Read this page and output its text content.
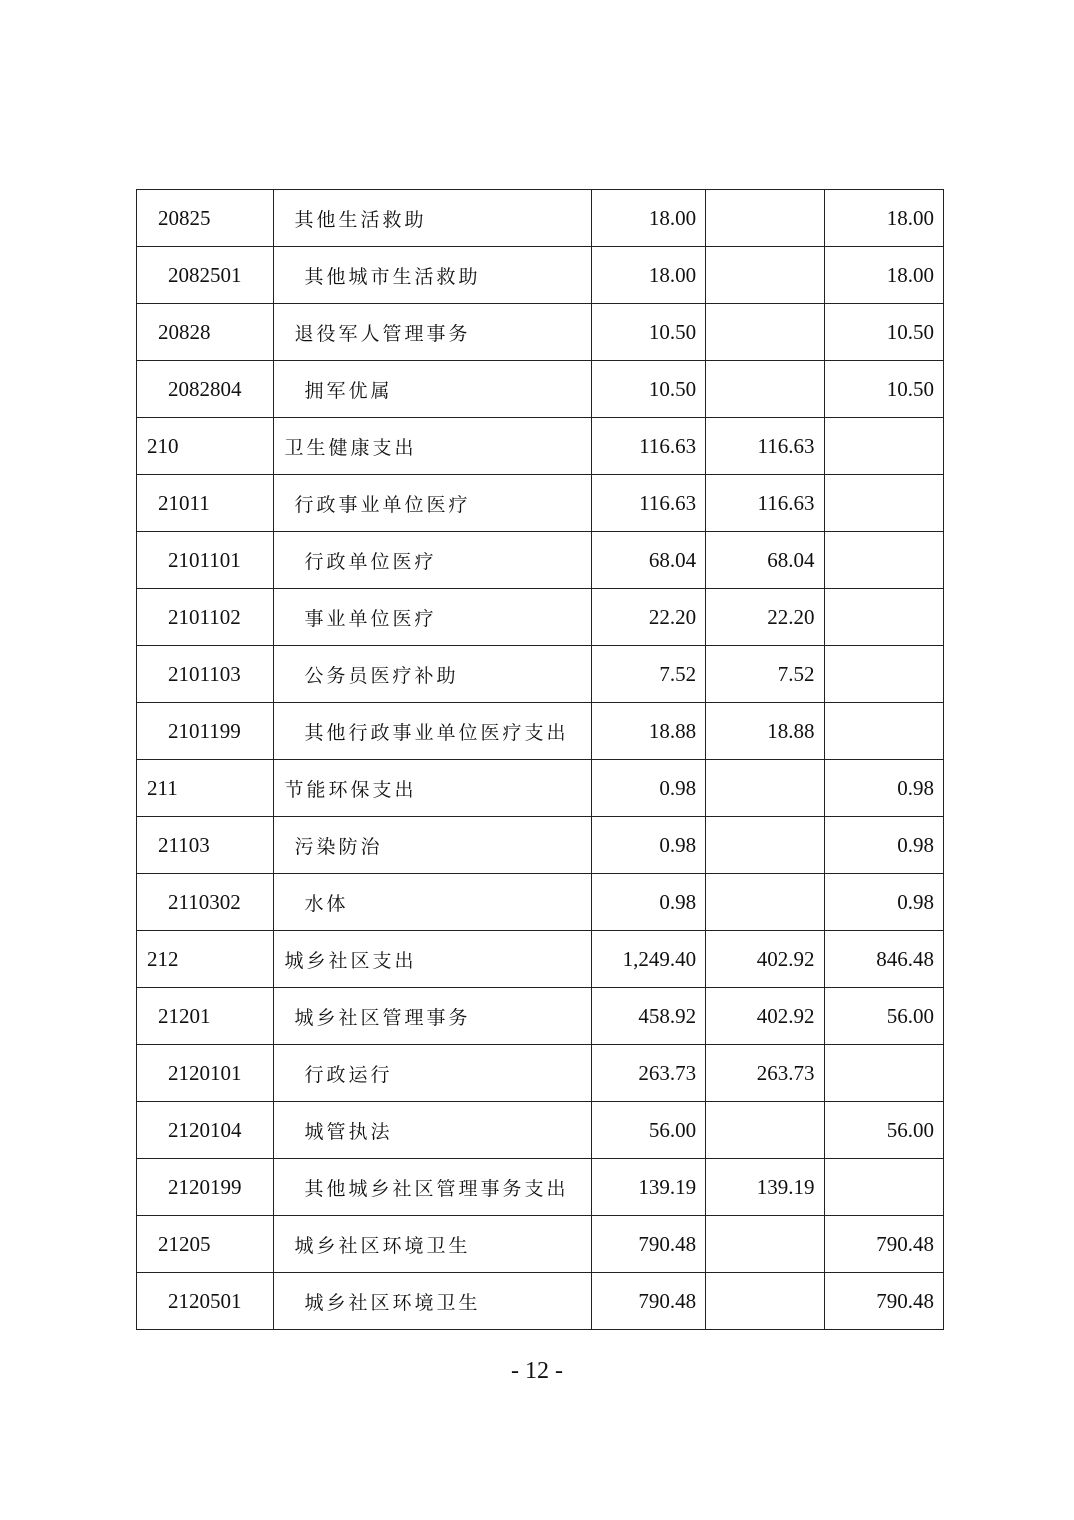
20825	其他生活救助	18.00		18.00
2082501	其他城市生活救助	18.00		18.00
20828	退役军人管理事务	10.50		10.50
2082804	拥军优属	10.50		10.50
210	卫生健康支出	116.63	116.63	
21011	行政事业单位医疗	116.63	116.63	
2101101	行政单位医疗	68.04	68.04	
2101102	事业单位医疗	22.20	22.20	
2101103	公务员医疗补助	7.52	7.52	
2101199	其他行政事业单位医疗支出	18.88	18.88	
211	节能环保支出	0.98		0.98
21103	污染防治	0.98		0.98
2110302	水体	0.98		0.98
212	城乡社区支出	1,249.40	402.92	846.48
21201	城乡社区管理事务	458.92	402.92	56.00
2120101	行政运行	263.73	263.73	
2120104	城管执法	56.00		56.00
2120199	其他城乡社区管理事务支出	139.19	139.19	
21205	城乡社区环境卫生	790.48		790.48
2120501	城乡社区环境卫生	790.48		790.48
- 12 -
